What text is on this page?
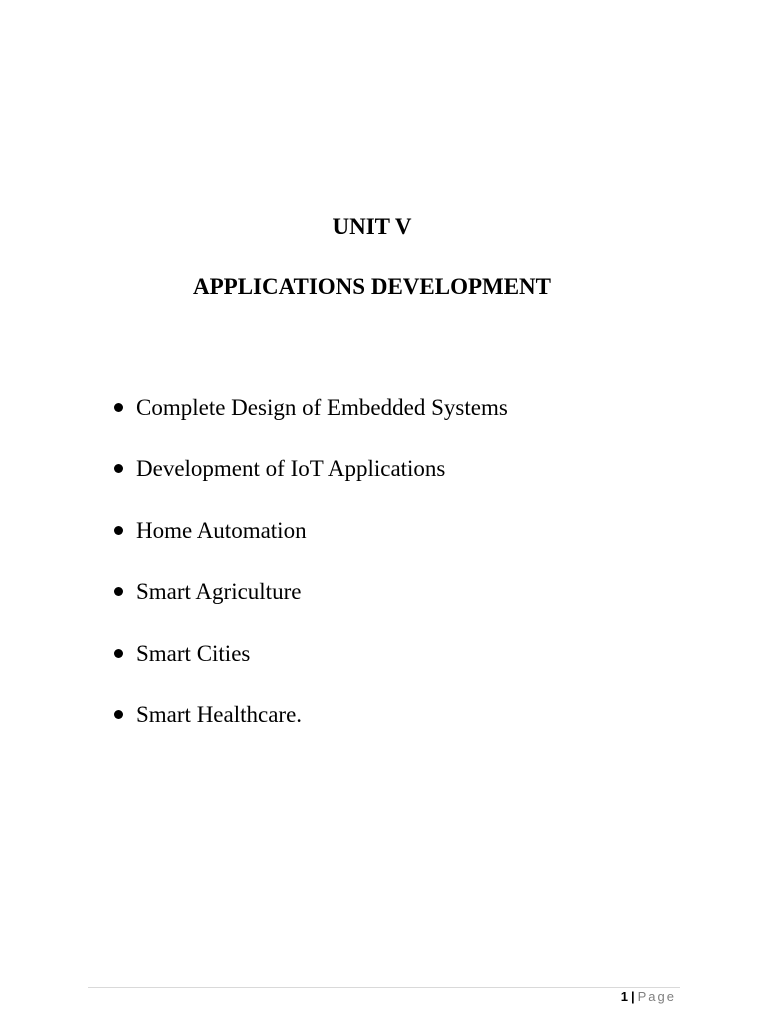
UNIT V
APPLICATIONS DEVELOPMENT
Complete Design of Embedded Systems
Development of IoT Applications
Home Automation
Smart Agriculture
Smart Cities
Smart Healthcare.
1 | Page
